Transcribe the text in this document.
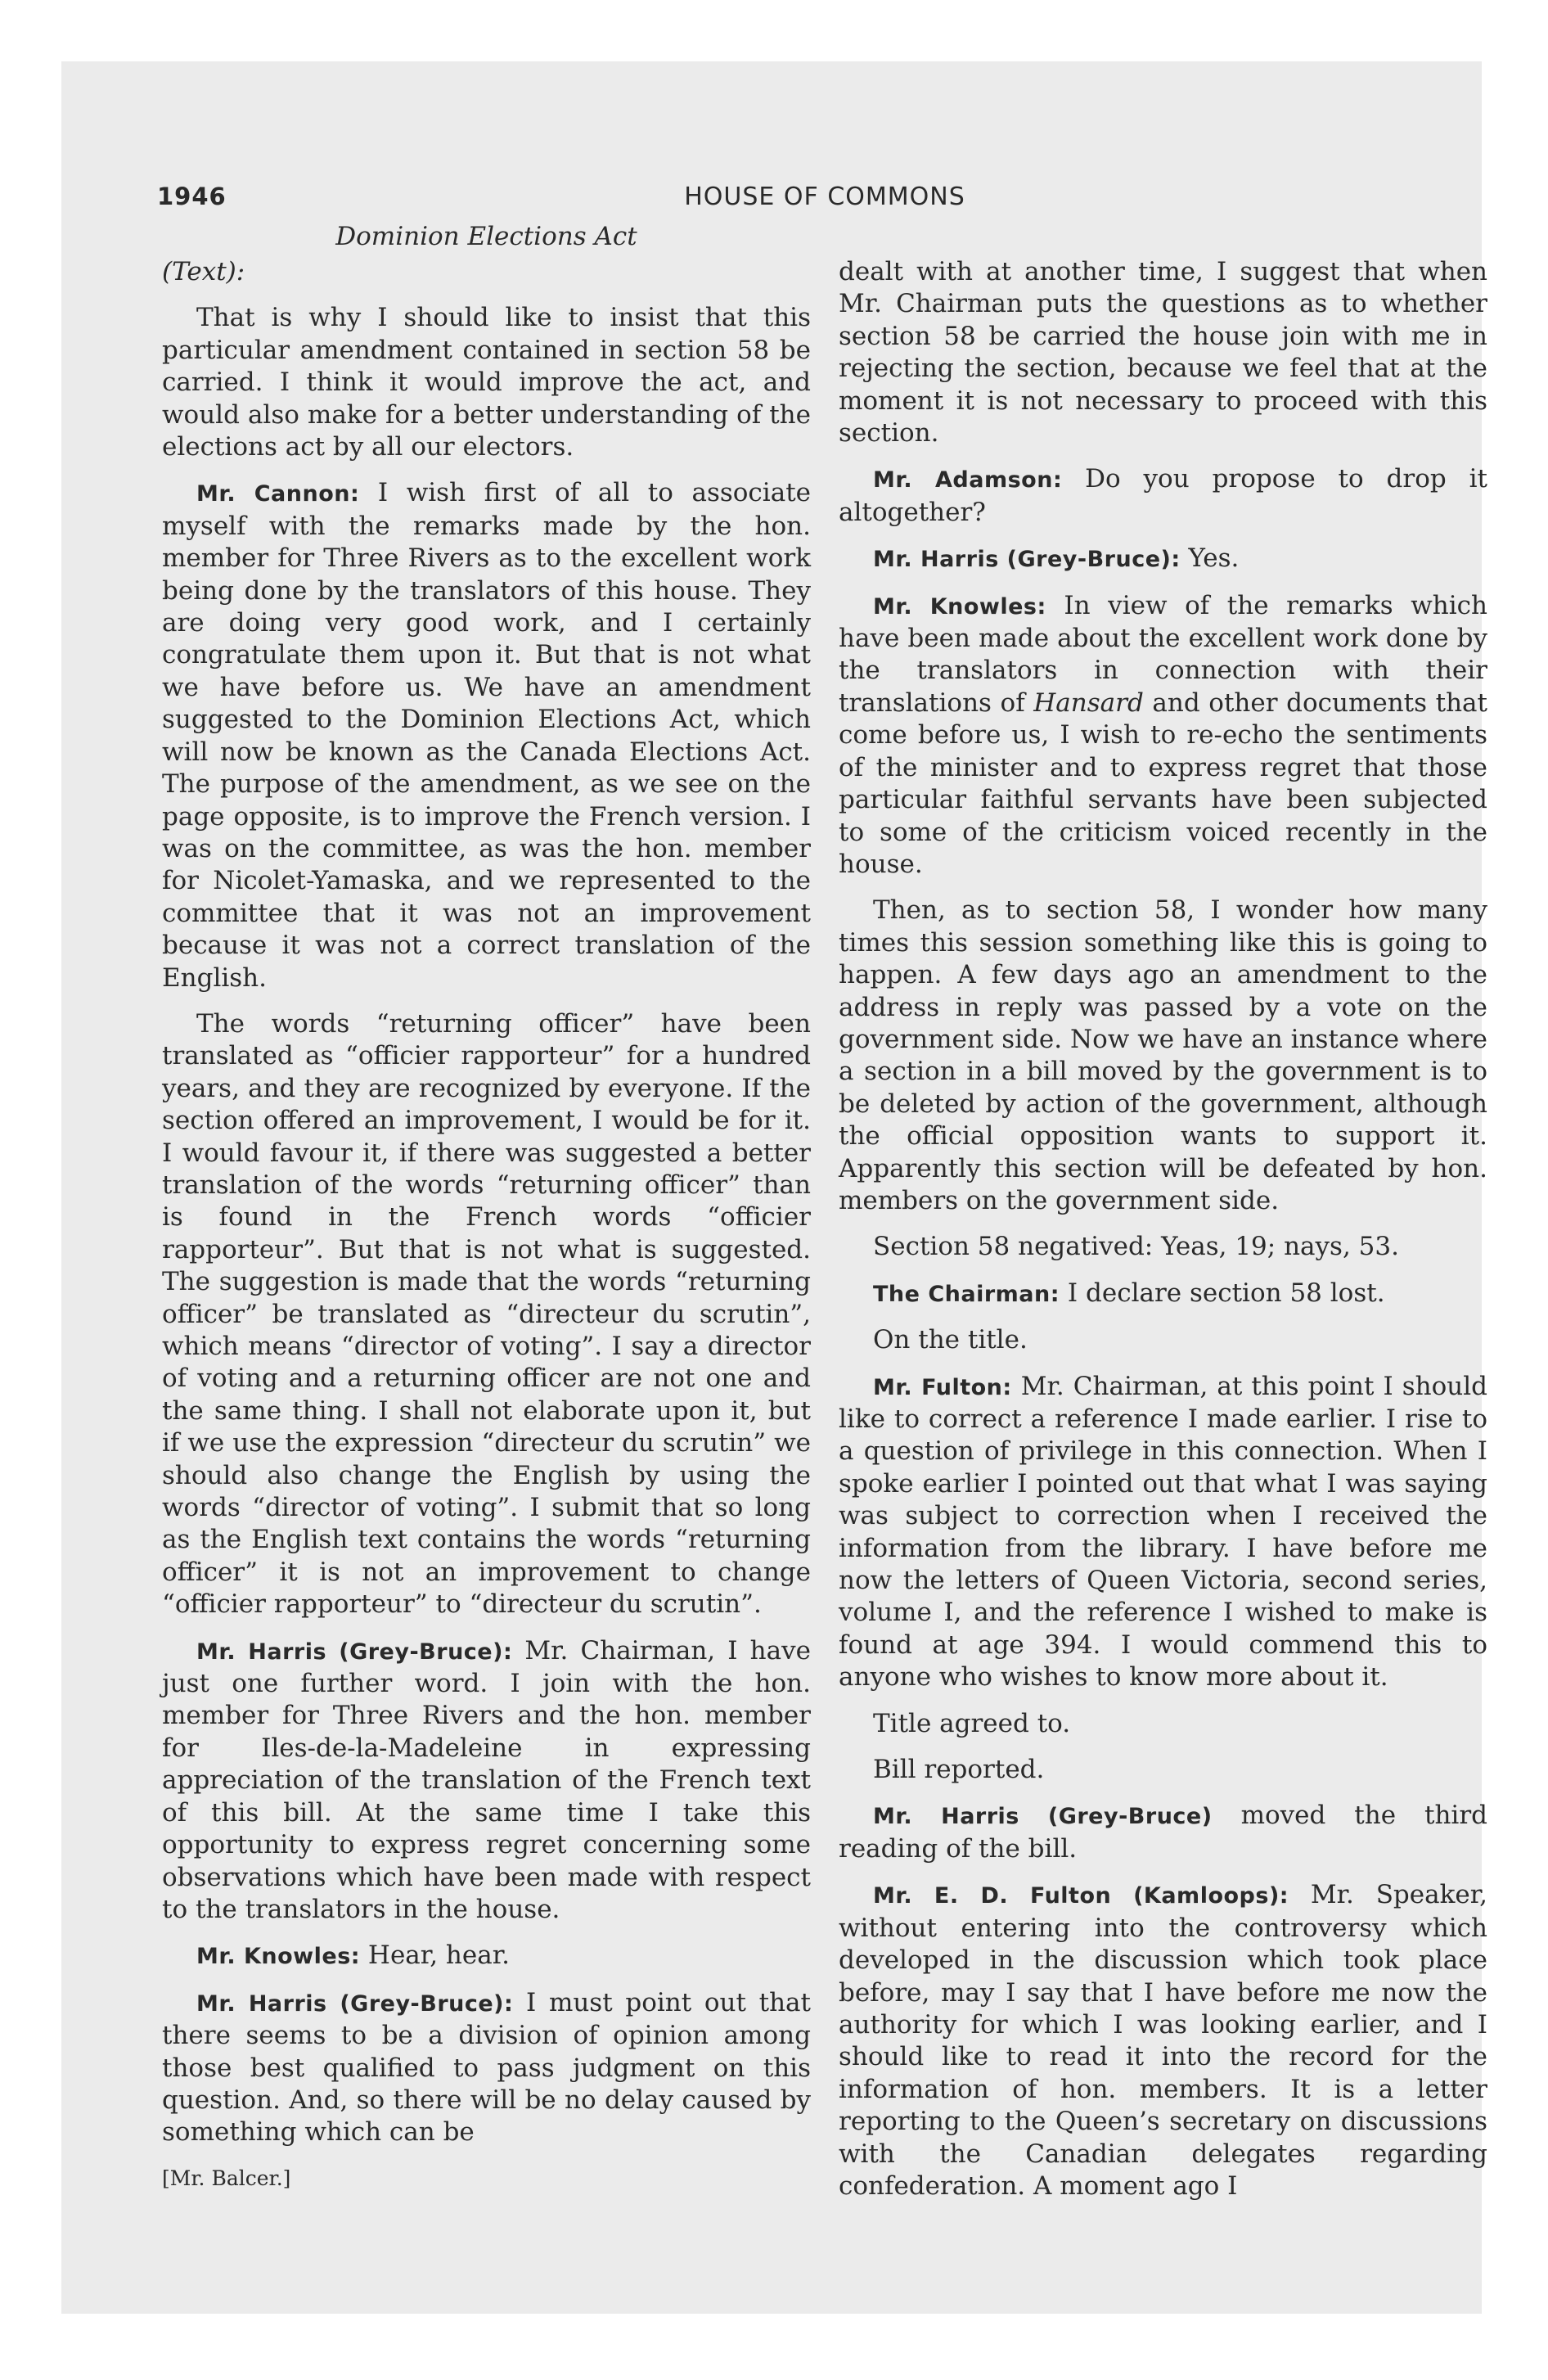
1946	HOUSE OF COMMONS
Dominion Elections Act

(Text):

That is why I should like to insist that this particular amendment contained in section 58 be carried. I think it would improve the act, and would also make for a better understanding of the elections act by all our electors.

Mr. Cannon: I wish first of all to associate myself with the remarks made by the hon. member for Three Rivers as to the excellent work being done by the translators of this house. They are doing very good work, and I certainly congratulate them upon it. But that is not what we have before us. We have an amendment suggested to the Dominion Elections Act, which will now be known as the Canada Elections Act. The purpose of the amendment, as we see on the page opposite, is to improve the French version. I was on the committee, as was the hon. member for Nicolet-Yamaska, and we represented to the committee that it was not an improvement because it was not a correct translation of the English.

The words “returning officer” have been translated as “officier rapporteur” for a hundred years, and they are recognized by everyone. If the section offered an improvement, I would be for it. I would favour it, if there was suggested a better translation of the words “returning officer” than is found in the French words “officier rapporteur”. But that is not what is suggested. The suggestion is made that the words “returning officer” be translated as “directeur du scrutin”, which means “director of voting”. I say a director of voting and a returning officer are not one and the same thing. I shall not elaborate upon it, but if we use the expression “directeur du scrutin” we should also change the English by using the words “director of voting”. I submit that so long as the English text contains the words “returning officer” it is not an improvement to change “officier rapporteur” to “directeur du scrutin”.

Mr. Harris (Grey-Bruce): Mr. Chairman, I have just one further word. I join with the hon. member for Three Rivers and the hon. member for Iles-de-la-Madeleine in expressing appreciation of the translation of the French text of this bill. At the same time I take this opportunity to express regret concerning some observations which have been made with respect to the translators in the house.

Mr. Knowles: Hear, hear.

Mr. Harris (Grey-Bruce): I must point out that there seems to be a division of opinion among those best qualified to pass judgment on this question. And, so there will be no delay caused by something which can be

dealt with at another time, I suggest that when Mr. Chairman puts the questions as to whether section 58 be carried the house join with me in rejecting the section, because we feel that at the moment it is not necessary to proceed with this section.

Mr. Adamson: Do you propose to drop it altogether?

Mr. Harris (Grey-Bruce): Yes.

Mr. Knowles: In view of the remarks which have been made about the excellent work done by the translators in connection with their translations of Hansard and other documents that come before us, I wish to re-echo the sentiments of the minister and to express regret that those particular faithful servants have been subjected to some of the criticism voiced recently in the house.

Then, as to section 58, I wonder how many times this session something like this is going to happen. A few days ago an amendment to the address in reply was passed by a vote on the government side. Now we have an instance where a section in a bill moved by the government is to be deleted by action of the government, although the official opposition wants to support it. Apparently this section will be defeated by hon. members on the government side.

Section 58 negatived: Yeas, 19; nays, 53.

The Chairman: I declare section 58 lost.

On the title.

Mr. Fulton: Mr. Chairman, at this point I should like to correct a reference I made earlier. I rise to a question of privilege in this connection. When I spoke earlier I pointed out that what I was saying was subject to correction when I received the information from the library. I have before me now the letters of Queen Victoria, second series, volume I, and the reference I wished to make is found at age 394. I would commend this to anyone who wishes to know more about it.

Title agreed to.

Bill reported.

Mr. Harris (Grey-Bruce) moved the third reading of the bill.

Mr. E. D. Fulton (Kamloops): Mr. Speaker, without entering into the controversy which developed in the discussion which took place before, may I say that I have before me now the authority for which I was looking earlier, and I should like to read it into the record for the information of hon. members. It is a letter reporting to the Queen’s secretary on discussions with the Canadian delegates regarding confederation. A moment ago I

[Mr. Balcer.]
